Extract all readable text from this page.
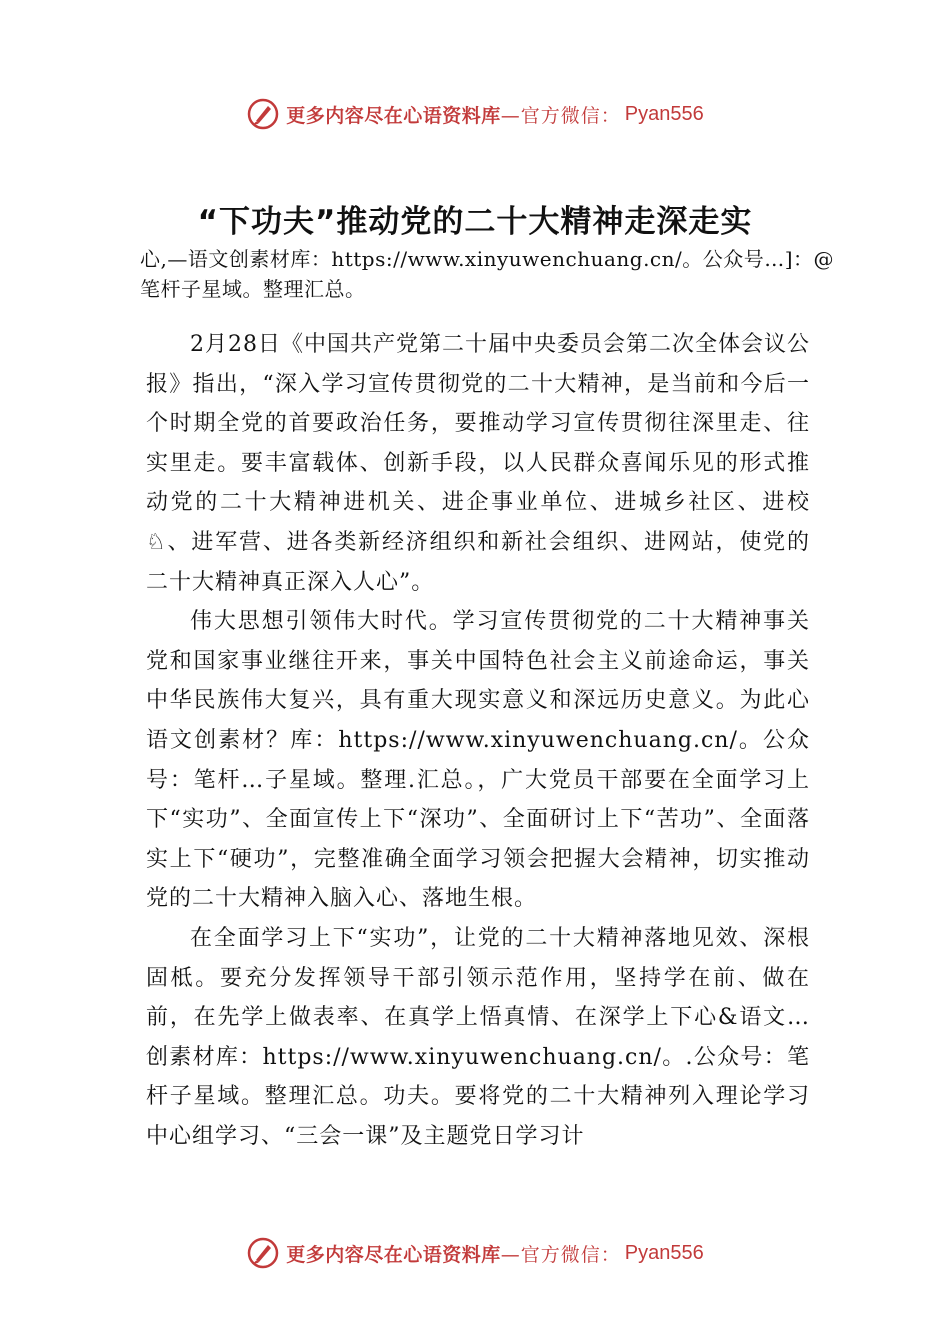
更多内容尽在心语资料库 —官方微信： Pyan556
“下功夫”推动党的二十大精神走深走实
心,—语文创素材库：https://www.xinyuwenchuang.cn/。公众号…]：@笔杆子星域。整理汇总。

2月28日《中国共产党第二十届中央委员会第二次全体会议公报》指出，“深入学习宣传贯彻党的二十大精神，是当前和今后一个时期全党的首要政治任务，要推动学习宣传贯彻往深里走、往实里走。要丰富载体、创新手段，以人民群众喜闻乐见的形式推动党的二十大精神进机关、进企事业单位、进城乡社区、进校♘、进军营、进各类新经济组织和新社会组织、进网站，使党的二十大精神真正深入人心”。

伟大思想引领伟大时代。学习宣传贯彻党的二十大精神事关党和国家事业继往开来，事关中国特色社会主义前途命运，事关中华民族伟大复兴，具有重大现实意义和深远历史意义。为此心语文创素材？库：https://www.xinyuwenchuang.cn/。公众号：笔杆…子星域。整理.汇总。，广大党员干部要在全面学习上下“实功”、全面宣传上下“深功”、全面研讨上下“苦功”、全面落实上下“硬功”，完整准确全面学习领会把握大会精神，切实推动党的二十大精神入脑入心、落地生根。

在全面学习上下“实功”，让党的二十大精神落地见效、深根固柢。要充分发挥领导干部引领示范作用，坚持学在前、做在前，在先学上做表率、在真学上悟真情、在深学上下心&语文…创素材库：https://www.xinyuwenchuang.cn/。.公众号：笔杆子星域。整理汇总。功夫。要将党的二十大精神列入理论学习中心组学习、“三会一课”及主题党日学习计

更多内容尽在心语资料库 —官方微信： Pyan556
